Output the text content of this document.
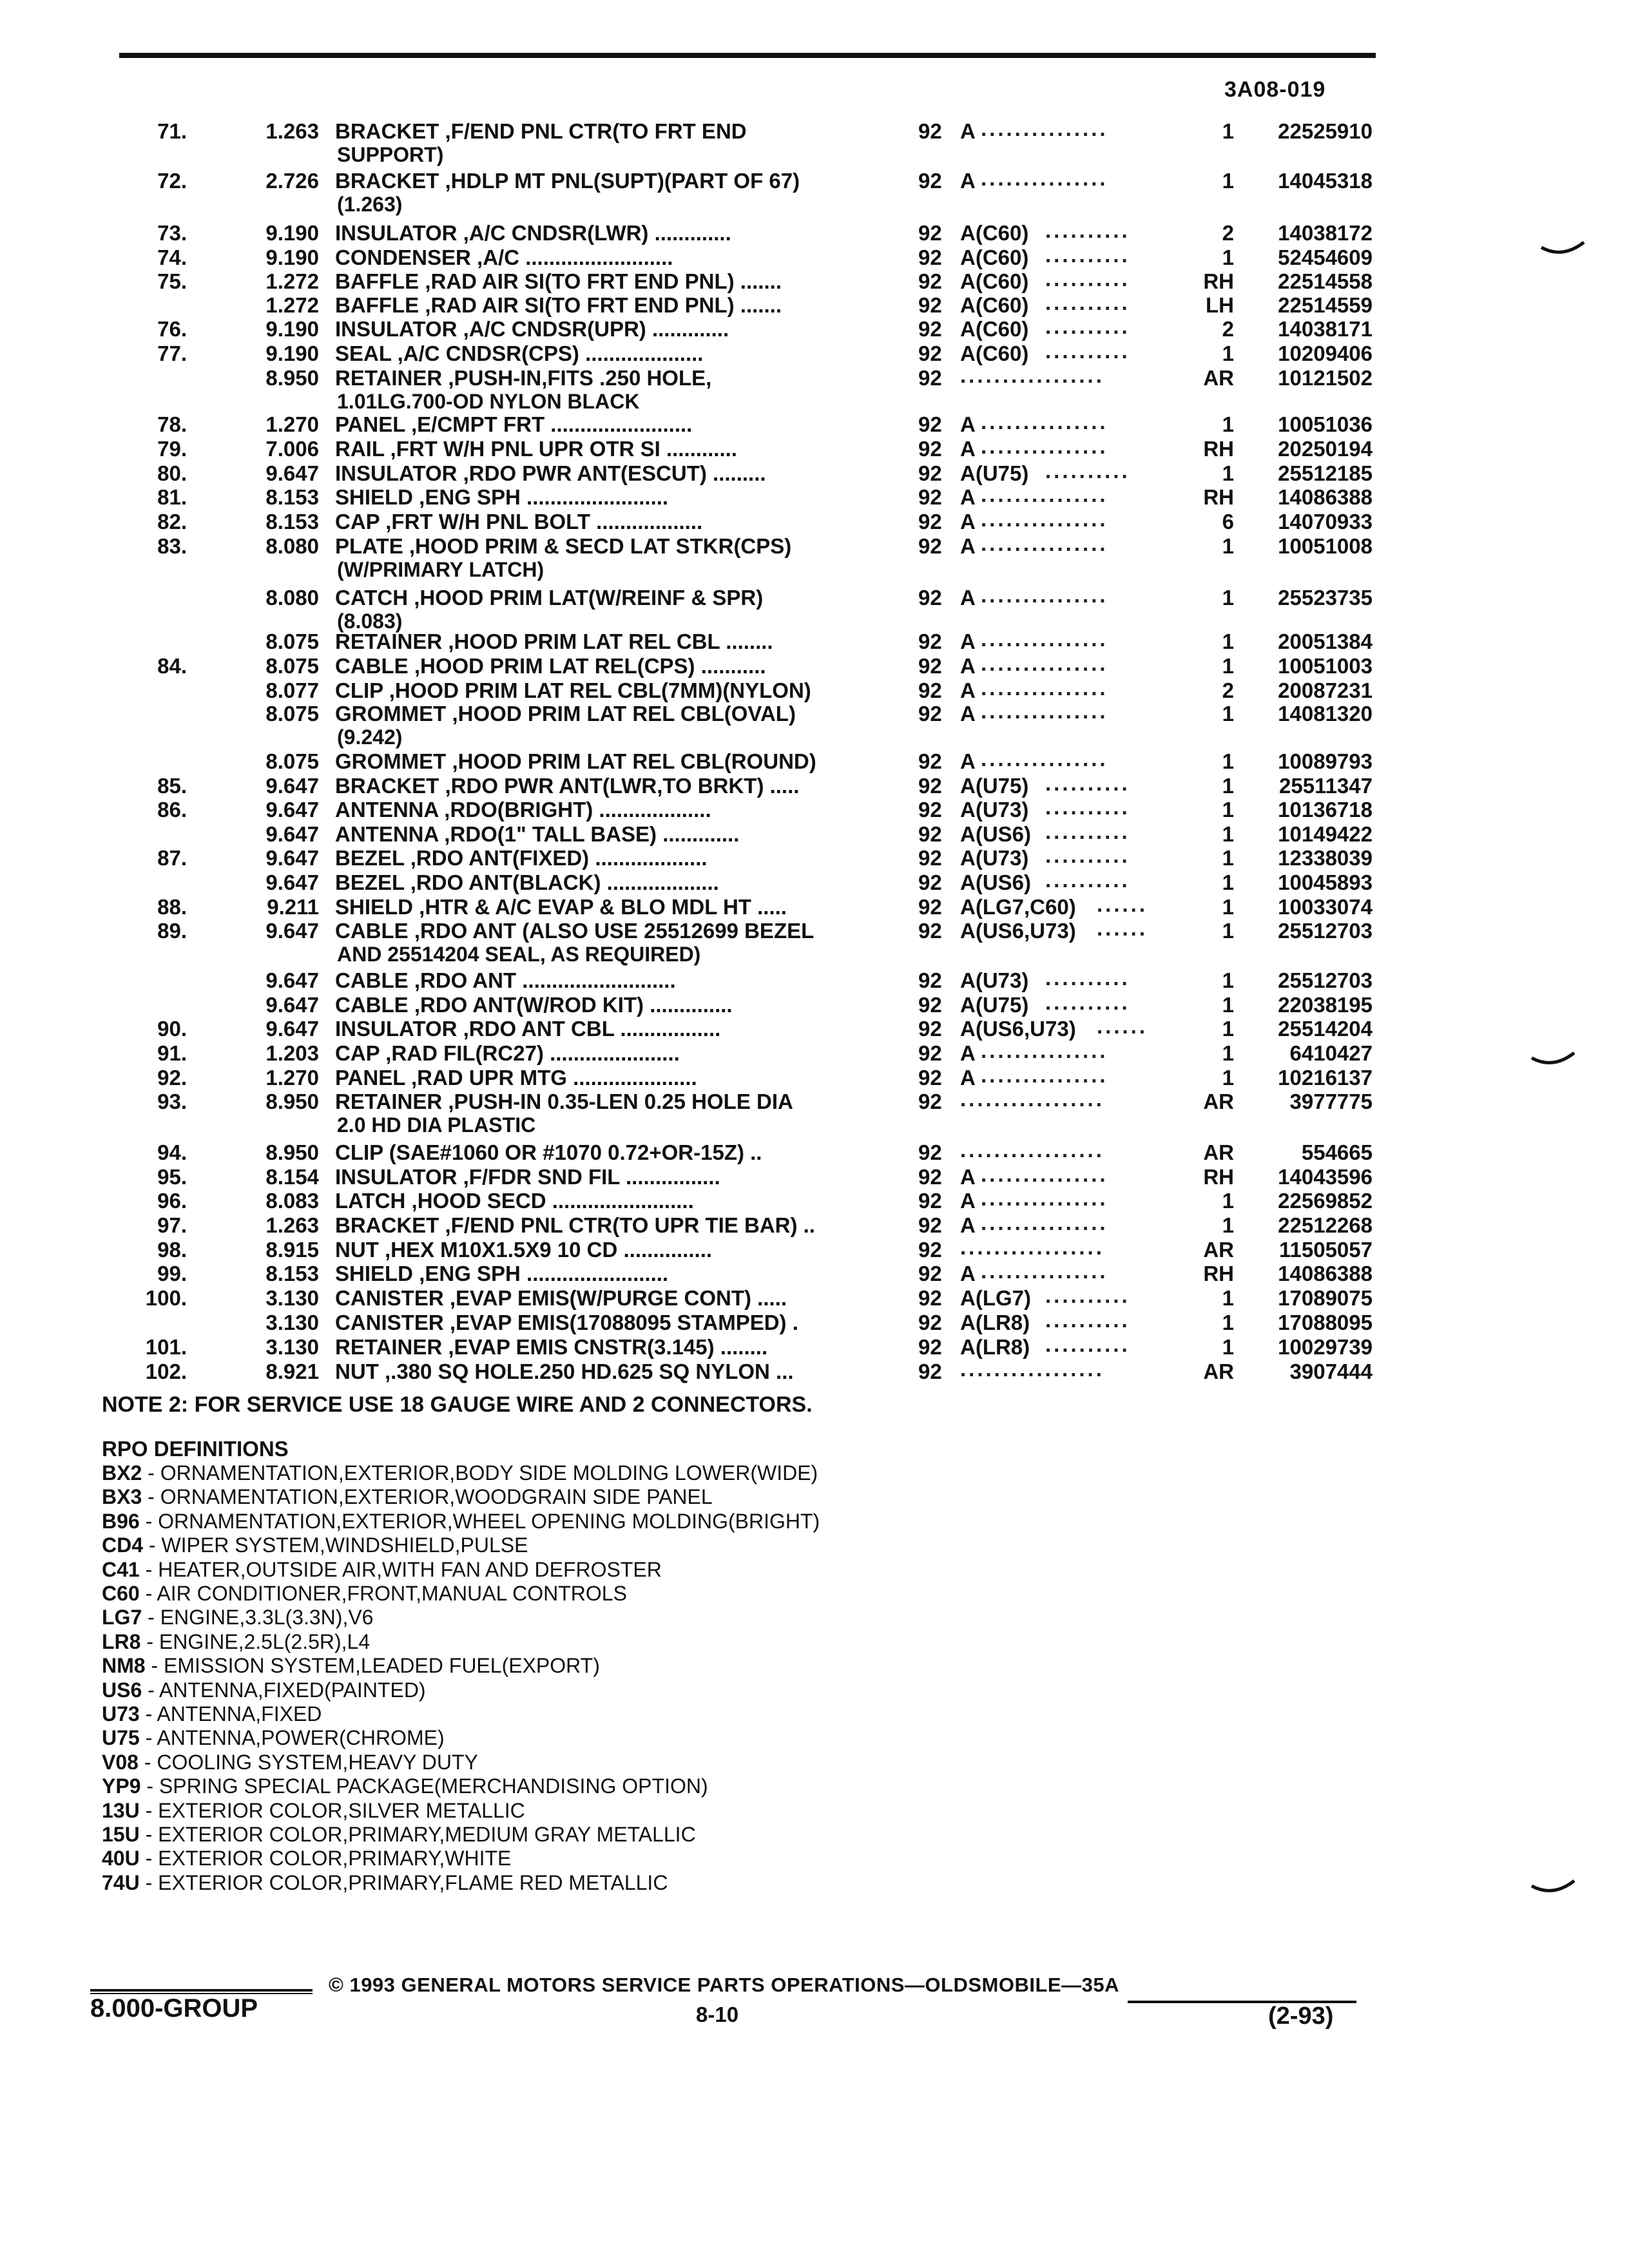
3A08-019
71.	1.263 BRACKET ,F/END PNL CTR(TO FRT END
SUPPORT)
92 A ...............	1	22525910
72.	2.726 BRACKET ,HDLP MT PNL(SUPT)(PART OF 67)
(1.263)
92 A ...............	1	14045318
73.	9.190 INSULATOR ,A/C CNDSR(LWR) .............	92 A(C60) ..........	2	14038172
74.	9.190 CONDENSER ,A/C .........................	92 A(C60) ..........	1	52454609
75.	1.272 BAFFLE ,RAD AIR SI(TO FRT END PNL) .......	92 A(C60) ..........	RH	22514558
1.272 BAFFLE ,RAD AIR SI(TO FRT END PNL) .......	92 A(C60) ..........	LH	22514559
76.	9.190 INSULATOR ,A/C CNDSR(UPR) .............	92 A(C60) ..........	2	14038171
77.	9.190 SEAL ,A/C CNDSR(CPS) ....................	92 A(C60) ..........	1	10209406
8.950 RETAINER ,PUSH-IN,FITS .250 HOLE,
1.01LG.700-OD NYLON BLACK
92 .................	AR	10121502
78.	1.270 PANEL ,E/CMPT FRT ........................	92 A ...............	1	10051036
79.	7.006 RAIL ,FRT W/H PNL UPR OTR SI ............	92 A ...............	RH	20250194
80.	9.647 INSULATOR ,RDO PWR ANT(ESCUT) .........	92 A(U75) ..........	1	25512185
81.	8.153 SHIELD ,ENG SPH ........................	92 A ...............	RH	14086388
82.	8.153 CAP ,FRT W/H PNL BOLT ..................	92 A ...............	6	14070933
83.	8.080 PLATE ,HOOD PRIM & SECD LAT STKR(CPS)
(W/PRIMARY LATCH)
92 A ...............	1	10051008
8.080 CATCH ,HOOD PRIM LAT(W/REINF & SPR)
(8.083)
92 A ...............	1	25523735
8.075 RETAINER ,HOOD PRIM LAT REL CBL ........	92 A ...............	1	20051384
84.	8.075 CABLE ,HOOD PRIM LAT REL(CPS) ...........	92 A ...............	1	10051003
8.077 CLIP ,HOOD PRIM LAT REL CBL(7MM)(NYLON)	92 A ...............	2	20087231
8.075 GROMMET ,HOOD PRIM LAT REL CBL(OVAL)
(9.242)
92 A ...............	1	14081320
8.075 GROMMET ,HOOD PRIM LAT REL CBL(ROUND)	92 A ...............	1	10089793
85.	9.647 BRACKET ,RDO PWR ANT(LWR,TO BRKT) .....	92 A(U75) ..........	1	25511347
86.	9.647 ANTENNA ,RDO(BRIGHT) ...................	92 A(U73) ..........	1	10136718
9.647 ANTENNA ,RDO(1" TALL BASE) .............	92 A(US6) ..........	1	10149422
87.	9.647 BEZEL ,RDO ANT(FIXED) ...................	92 A(U73) ..........	1	12338039
9.647 BEZEL ,RDO ANT(BLACK) ...................	92 A(US6) ..........	1	10045893
88.	9.211 SHIELD ,HTR & A/C EVAP & BLO MDL HT .....	92 A(LG7,C60) ......	1	10033074
89.	9.647 CABLE ,RDO ANT (ALSO USE 25512699 BEZEL
AND 25514204 SEAL, AS REQUIRED)
92 A(US6,U73) ......	1	25512703
9.647 CABLE ,RDO ANT ..........................	92 A(U73) ..........	1	25512703
9.647 CABLE ,RDO ANT(W/ROD KIT) ..............	92 A(U75) ..........	1	22038195
90.	9.647 INSULATOR ,RDO ANT CBL .................	92 A(US6,U73) ......	1	25514204
91.	1.203 CAP ,RAD FIL(RC27) ......................	92 A ...............	1	6410427
92.	1.270 PANEL ,RAD UPR MTG .....................	92 A ...............	1	10216137
93.	8.950 RETAINER ,PUSH-IN 0.35-LEN 0.25 HOLE DIA
2.0 HD DIA PLASTIC
92 .................	AR	3977775
94.	8.950 CLIP (SAE#1060 OR #1070 0.72+OR-15Z) ..	92 .................	AR	554665
95.	8.154 INSULATOR ,F/FDR SND FIL ................	92 A ...............	RH	14043596
96.	8.083 LATCH ,HOOD SECD ........................	92 A ...............	1	22569852
97.	1.263 BRACKET ,F/END PNL CTR(TO UPR TIE BAR) ..	92 A ...............	1	22512268
98.	8.915 NUT ,HEX M10X1.5X9 10 CD ...............	92 .................	AR	11505057
99.	8.153 SHIELD ,ENG SPH ........................	92 A ...............	RH	14086388
100.	3.130 CANISTER ,EVAP EMIS(W/PURGE CONT) .....	92 A(LG7) ..........	1	17089075
3.130 CANISTER ,EVAP EMIS(17088095 STAMPED) .	92 A(LR8) ..........	1	17088095
101.	3.130 RETAINER ,EVAP EMIS CNSTR(3.145) ........	92 A(LR8) ..........	1	10029739
102.	8.921 NUT ,.380 SQ HOLE.250 HD.625 SQ NYLON ...	92 .................	AR	3907444
NOTE 2: FOR SERVICE USE 18 GAUGE WIRE AND 2 CONNECTORS.
RPO DEFINITIONS
BX2 - ORNAMENTATION,EXTERIOR,BODY SIDE MOLDING LOWER(WIDE)
BX3 - ORNAMENTATION,EXTERIOR,WOODGRAIN SIDE PANEL
B96 - ORNAMENTATION,EXTERIOR,WHEEL OPENING MOLDING(BRIGHT)
CD4 - WIPER SYSTEM,WINDSHIELD,PULSE
C41 - HEATER,OUTSIDE AIR,WITH FAN AND DEFROSTER
C60 - AIR CONDITIONER,FRONT,MANUAL CONTROLS
LG7 - ENGINE,3.3L(3.3N),V6
LR8 - ENGINE,2.5L(2.5R),L4
NM8 - EMISSION SYSTEM,LEADED FUEL(EXPORT)
US6 - ANTENNA,FIXED(PAINTED)
U73 - ANTENNA,FIXED
U75 - ANTENNA,POWER(CHROME)
V08 - COOLING SYSTEM,HEAVY DUTY
YP9 - SPRING SPECIAL PACKAGE(MERCHANDISING OPTION)
13U - EXTERIOR COLOR,SILVER METALLIC
15U - EXTERIOR COLOR,PRIMARY,MEDIUM GRAY METALLIC
40U - EXTERIOR COLOR,PRIMARY,WHITE
74U - EXTERIOR COLOR,PRIMARY,FLAME RED METALLIC
8.000-GROUP
© 1993 GENERAL MOTORS SERVICE PARTS OPERATIONS—OLDSMOBILE—35A
8-10	(2-93)
